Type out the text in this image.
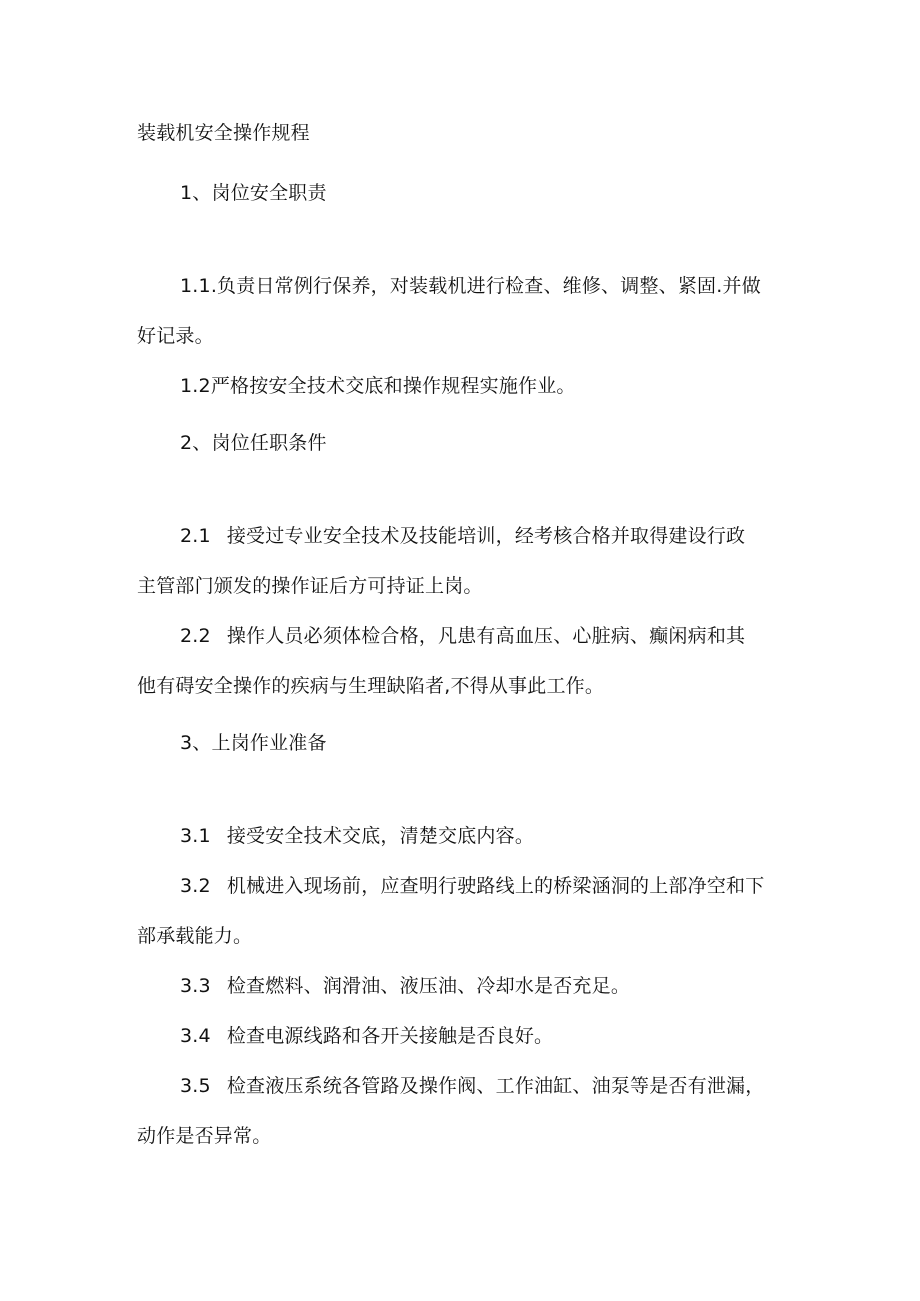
装载机安全操作规程
1、岗位安全职责
1.1.负责日常例行保养，对装载机进行检查、维修、调整、紧固.并做
好记录。
1.2严格按安全技术交底和操作规程实施作业。
2、岗位任职条件
2.1 接受过专业安全技术及技能培训，经考核合格并取得建设行政
主管部门颁发的操作证后方可持证上岗。
2.2 操作人员必须体检合格，凡患有高血压、心脏病、癫闲病和其
他有碍安全操作的疾病与生理缺陷者,不得从事此工作。
3、上岗作业准备
3.1 接受安全技术交底，清楚交底内容。
3.2 机械进入现场前，应查明行驶路线上的桥梁涵洞的上部净空和下
部承载能力。
3.3 检查燃料、润滑油、液压油、冷却水是否充足。
3.4 检查电源线路和各开关接触是否良好。
3.5 检查液压系统各管路及操作阀、工作油缸、油泵等是否有泄漏，
动作是否异常。
